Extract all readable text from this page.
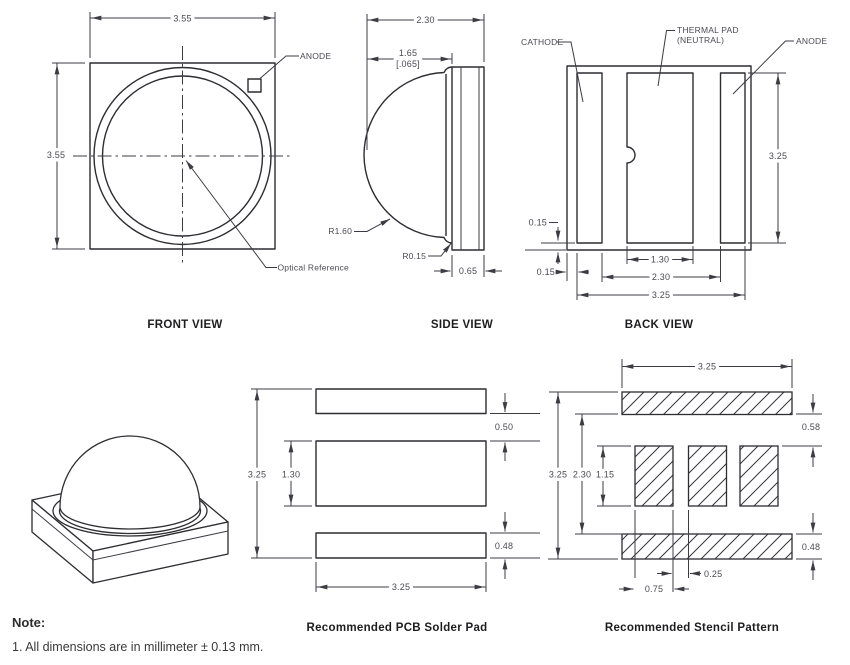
3.55
3.55
ANODE
Optical Reference
FRONT VIEW
2.30
1.65
[.065]
R1.60
R0.15
0.65
SIDE VIEW
CATHODE
THERMAL PAD
(NEUTRAL)	ANODE
3.25
0.15
0.15
1.30
2.30
3.25
BACK VIEW
3.25 1.30
0.50
0.48
3.25
Recommended PCB Solder Pad
3.25
3.25 2.30 1.15
0.58
0.48
0.25
0.75
Recommended Stencil Pattern
Note:
1. All dimensions are in millimeter ± 0.13 mm.
